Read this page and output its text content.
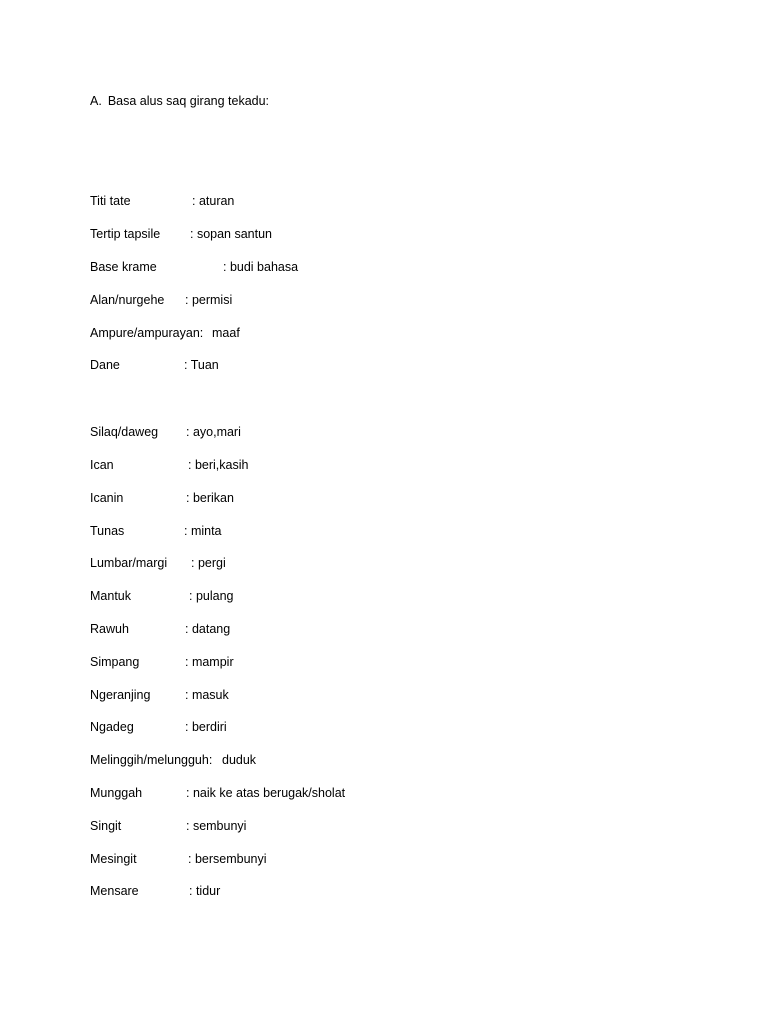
A. Basa alus saq girang tekadu:
Titi tate	: aturan
Tertip tapsile : sopan santun
Base krame	: budi bahasa
Alan/nurgehe : permisi
Ampure/ampurayan: maaf
Dane	: Tuan
Silaq/daweg : ayo,mari
Ican	: beri,kasih
Icanin	: berikan
Tunas	: minta
Lumbar/margi : pergi
Mantuk	: pulang
Rawuh	: datang
Simpang	: mampir
Ngeranjing	: masuk
Ngadeg	: berdiri
Melinggih/melungguh: duduk
Munggah	: naik ke atas berugak/sholat
Singit	: sembunyi
Mesingit	: bersembunyi
Mensare	: tidur
